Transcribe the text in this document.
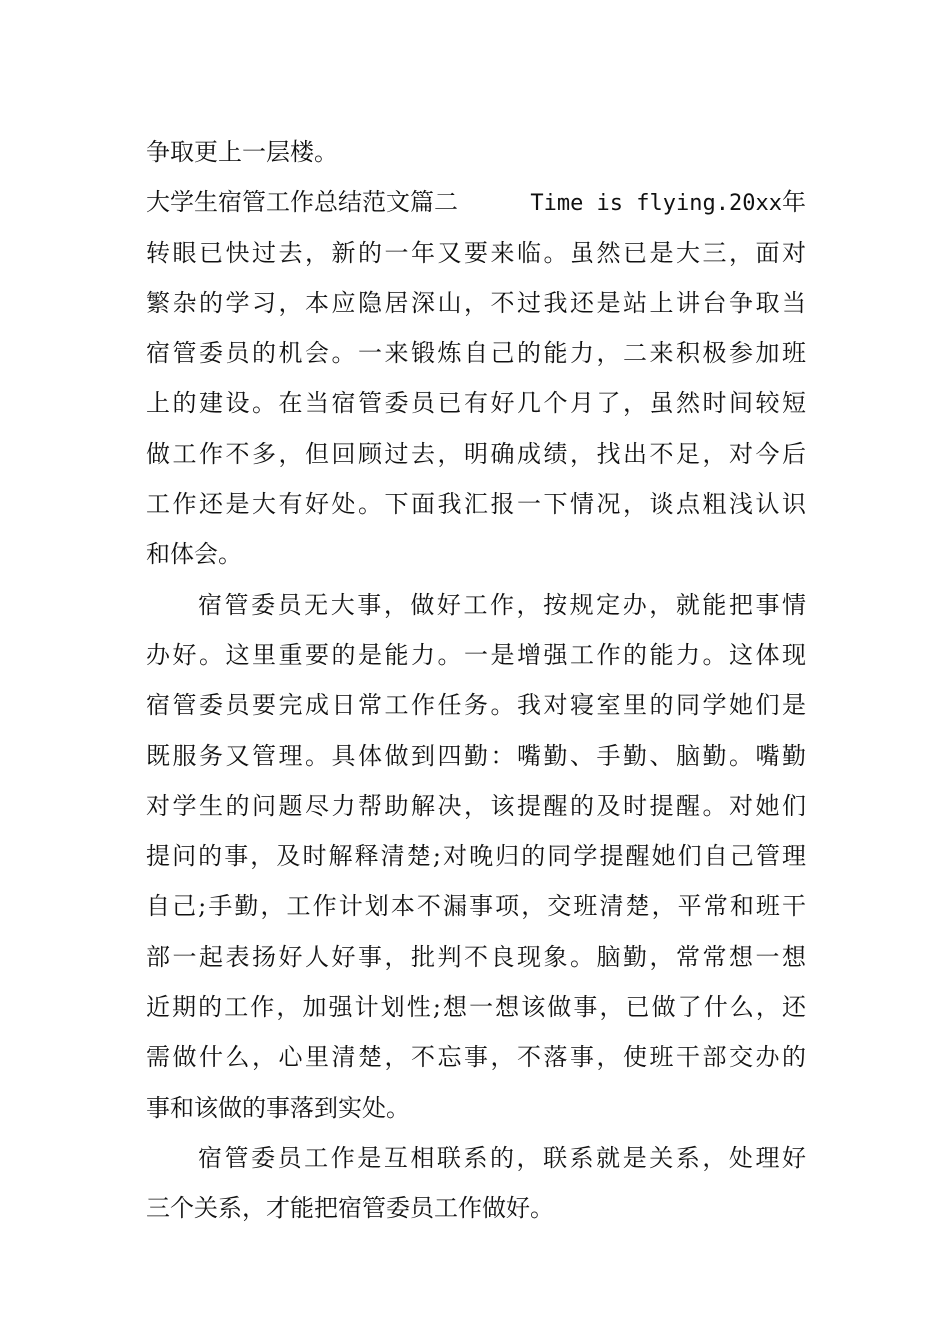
争取更上一层楼。
大学生宿管工作总结范文篇二	Time is flying.20xx年
转眼已快过去，新的一年又要来临。虽然已是大三，面对
繁杂的学习，本应隐居深山，不过我还是站上讲台争取当
宿管委员的机会。一来锻炼自己的能力，二来积极参加班
上的建设。在当宿管委员已有好几个月了，虽然时间较短
做工作不多，但回顾过去，明确成绩，找出不足，对今后
工作还是大有好处。下面我汇报一下情况，谈点粗浅认识
和体会。
宿管委员无大事，做好工作，按规定办，就能把事情
办好。这里重要的是能力。一是增强工作的能力。这体现
宿管委员要完成日常工作任务。我对寝室里的同学她们是
既服务又管理。具体做到四勤：嘴勤、手勤、脑勤。嘴勤
对学生的问题尽力帮助解决，该提醒的及时提醒。对她们
提问的事，及时解释清楚;对晚归的同学提醒她们自己管理
自己;手勤，工作计划本不漏事项，交班清楚，平常和班干
部一起表扬好人好事，批判不良现象。脑勤，常常想一想
近期的工作，加强计划性;想一想该做事，已做了什么，还
需做什么，心里清楚，不忘事，不落事，使班干部交办的
事和该做的事落到实处。
宿管委员工作是互相联系的，联系就是关系，处理好
三个关系，才能把宿管委员工作做好。
